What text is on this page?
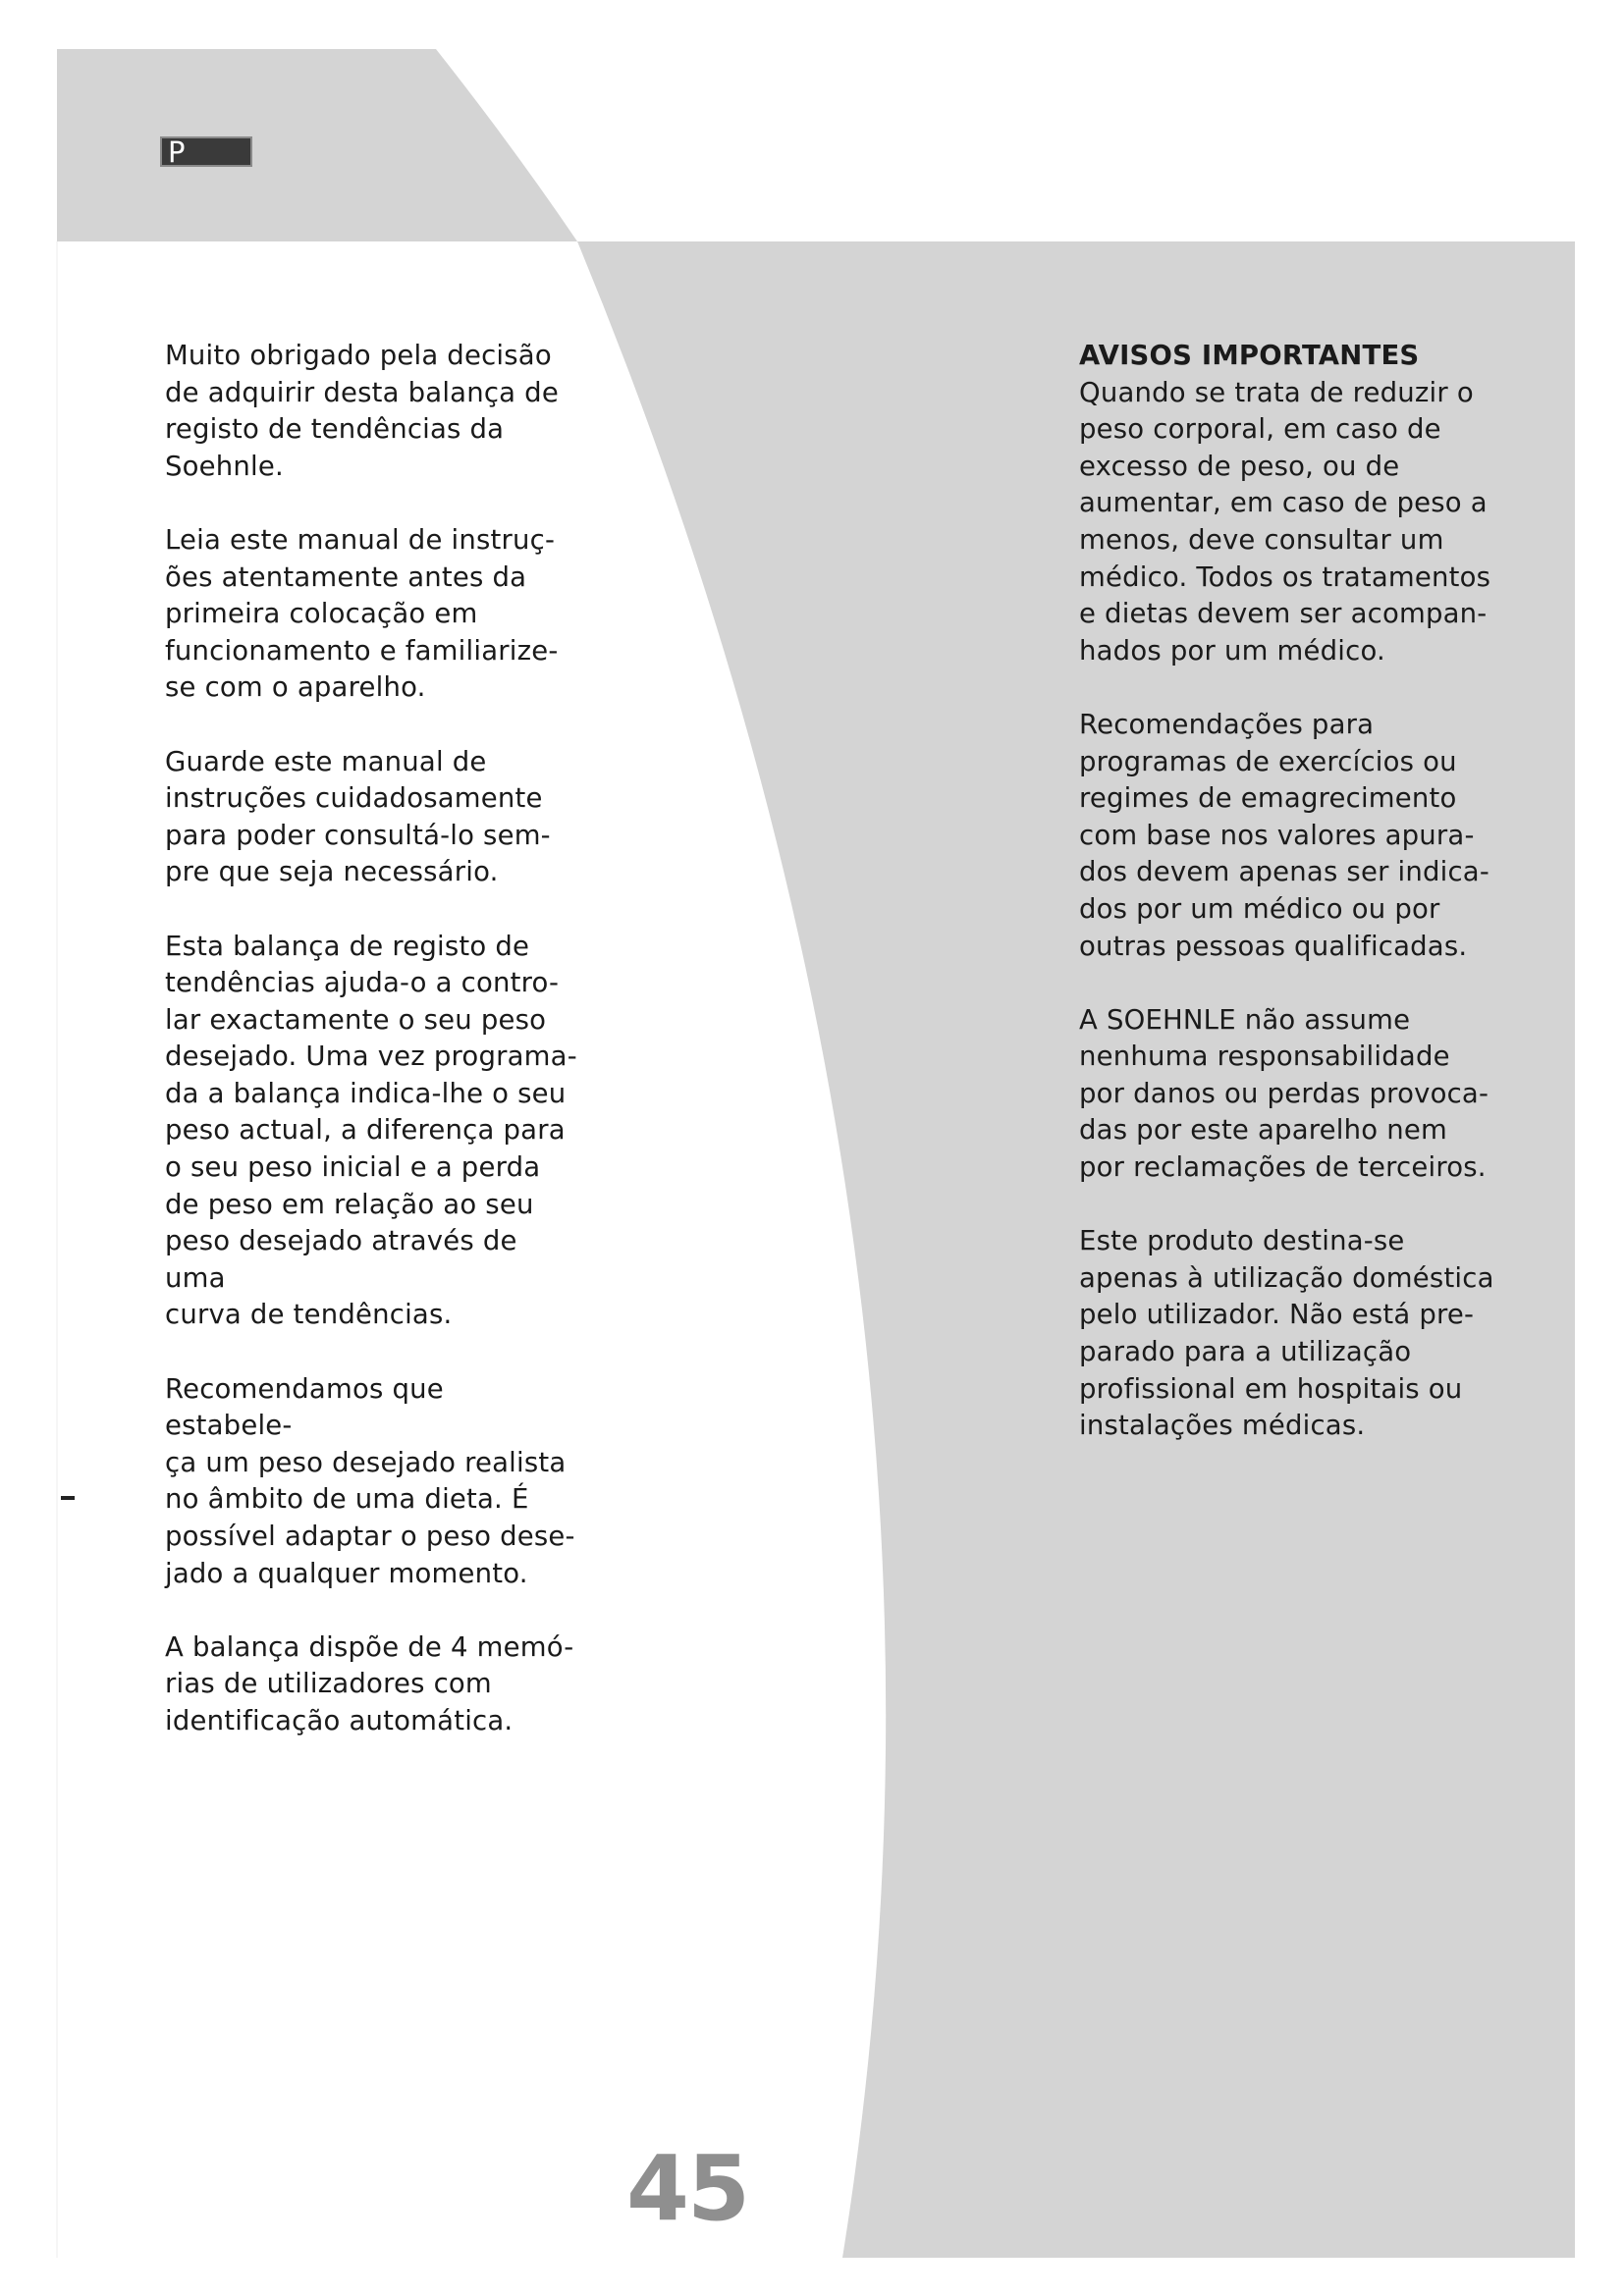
P

Muito obrigado pela decisão
de adquirir desta balança de
registo de tendências da
Soehnle.

Leia este manual de instruç-
ões atentamente antes da
primeira colocação em
funcionamento e familiarize-
se com o aparelho.

Guarde este manual de
instruções cuidadosamente
para poder consultá-lo sem-
pre que seja necessário.

Esta balança de registo de
tendências ajuda-o a contro-
lar exactamente o seu peso
desejado. Uma vez programa-
da a balança indica-lhe o seu
peso actual, a diferença para
o seu peso inicial e a perda
de peso em relação ao seu
peso desejado através de uma
curva de tendências.

Recomendamos que estabele-
ça um peso desejado realista
no âmbito de uma dieta. É
possível adaptar o peso dese-
jado a qualquer momento.

A balança dispõe de 4 memó-
rias de utilizadores com
identificação automática.

AVISOS IMPORTANTES

Quando se trata de reduzir o
peso corporal, em caso de
excesso de peso, ou de
aumentar, em caso de peso a
menos, deve consultar um
médico. Todos os tratamentos
e dietas devem ser acompan-
hados por um médico.

Recomendações para
programas de exercícios ou
regimes de emagrecimento
com base nos valores apura-
dos devem apenas ser indica-
dos por um médico ou por
outras pessoas qualificadas.

A SOEHNLE não assume
nenhuma responsabilidade
por danos ou perdas provoca-
das por este aparelho nem
por reclamações de terceiros.

Este produto destina-se
apenas à utilização doméstica
pelo utilizador. Não está pre-
parado para a utilização
profissional em hospitais ou
instalações médicas.

45
